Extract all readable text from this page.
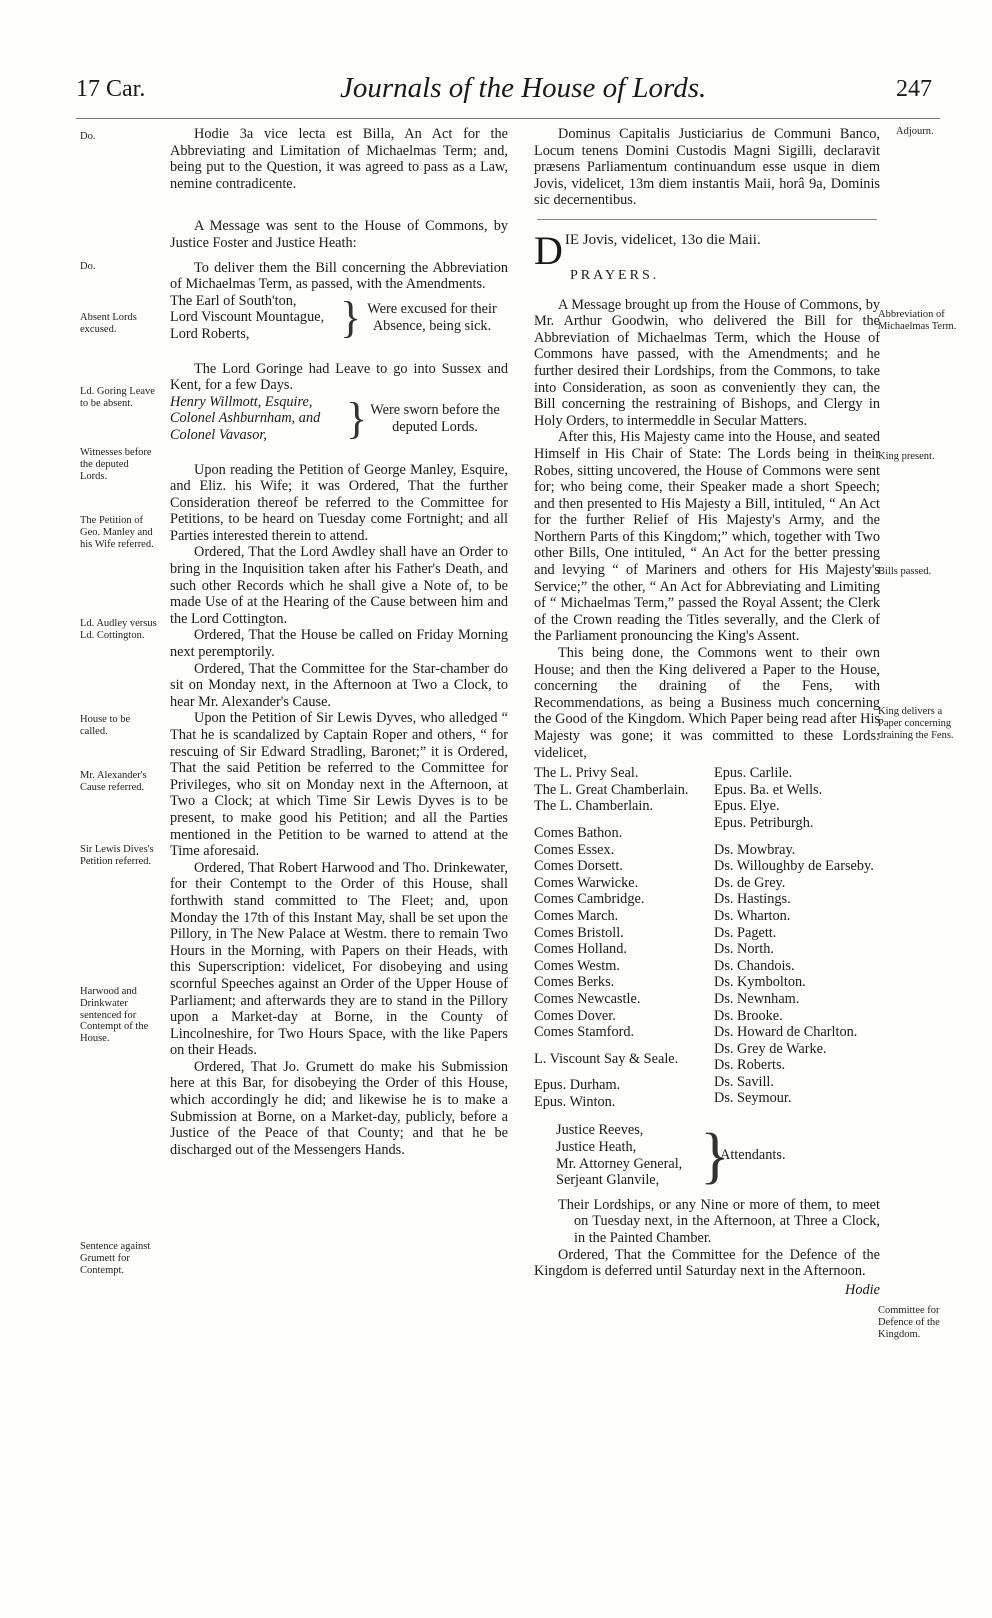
17 Car.	Journals of the House of Lords.	247
Do.
Do.
Absent Lords excused.
Ld. Goring Leave to be absent.
Witnesses before the deputed Lords.
The Petition of Geo. Manley and his Wife referred.
Ld. Audley versus Ld. Cottington.
House to be called.
Mr. Alexander's Cause referred.
Sir Lewis Dives's Petition referred.
Harwood and Drinkwater sentenced for Contempt of the House.
Sentence against Grumett for Contempt.

Hodie 3a vice lecta est Billa, An Act for the Abbreviating and Limitation of Michaelmas Term; and, being put to the Question, it was agreed to pass as a Law, nemine contradicente.

A Message was sent to the House of Commons, by Justice Foster and Justice Heath:

To deliver them the Bill concerning the Abbreviation of Michaelmas Term, as passed, with the Amendments.

The Earl of South'ton,
Lord Viscount Mountague,
Lord Roberts,	} Were excused for their Absence, being sick.

The Lord Goringe had Leave to go into Sussex and Kent, for a few Days.

Henry Willmott, Esquire,
Colonel Ashburnham, and
Colonel Vavasor,	} Were sworn before the deputed Lords.

Upon reading the Petition of George Manley, Esquire, and Eliz. his Wife; it was Ordered, That the further Consideration thereof be referred to the Committee for Petitions, to be heard on Tuesday come Fortnight; and all Parties interested therein to attend.

Ordered, That the Lord Awdley shall have an Order to bring in the Inquisition taken after his Father's Death, and such other Records which he shall give a Note of, to be made Use of at the Hearing of the Cause between him and the Lord Cottington.

Ordered, That the House be called on Friday Morning next peremptorily.

Ordered, That the Committee for the Star-chamber do sit on Monday next, in the Afternoon at Two a Clock, to hear Mr. Alexander's Cause.

Upon the Petition of Sir Lewis Dyves, who alledged “ That he is scandalized by Captain Roper and others, “ for rescuing of Sir Edward Stradling, Baronet;” it is Ordered, That the said Petition be referred to the Committee for Privileges, who sit on Monday next in the Afternoon, at Two a Clock; at which Time Sir Lewis Dyves is to be present, to make good his Petition; and all the Parties mentioned in the Petition to be warned to attend at the Time aforesaid.

Ordered, That Robert Harwood and Tho. Drinkewater, for their Contempt to the Order of this House, shall forthwith stand committed to The Fleet; and, upon Monday the 17th of this Instant May, shall be set upon the Pillory, in The New Palace at Westm. there to remain Two Hours in the Morning, with Papers on their Heads, with this Superscription: videlicet, For disobeying and using scornful Speeches against an Order of the Upper House of Parliament; and afterwards they are to stand in the Pillory upon a Market-day at Borne, in the County of Lincolneshire, for Two Hours Space, with the like Papers on their Heads.

Ordered, That Jo. Grumett do make his Submission here at this Bar, for disobeying the Order of this House, which accordingly he did; and likewise he is to make a Submission at Borne, on a Market-day, publicly, before a Justice of the Peace of that County; and that he be discharged out of the Messengers Hands.

Adjourn.
Abbreviation of Michaelmas Term.
King present.
Bills passed.
King delivers a Paper concerning draining the Fens.
Committee for Defence of the Kingdom.

Dominus Capitalis Justiciarius de Communi Banco, Locum tenens Domini Custodis Magni Sigilli, declaravit præsens Parliamentum continuandum esse usque in diem Jovis, videlicet, 13m diem instantis Maii, horâ 9a, Dominis sic decernentibus.

D IE Jovis, videlicet, 13o die Maii.
PRAYERS.

A Message brought up from the House of Commons, by Mr. Arthur Goodwin, who delivered the Bill for the Abbreviation of Michaelmas Term, which the House of Commons have passed, with the Amendments; and he further desired their Lordships, from the Commons, to take into Consideration, as soon as conveniently they can, the Bill concerning the restraining of Bishops, and Clergy in Holy Orders, to intermeddle in Secular Matters.

After this, His Majesty came into the House, and seated Himself in His Chair of State: The Lords being in their Robes, sitting uncovered, the House of Commons were sent for; who being come, their Speaker made a short Speech; and then presented to His Majesty a Bill, intituled, “ An Act for the further Relief of His Majesty's Army, and the Northern Parts of this Kingdom;” which, together with Two other Bills, One intituled, “ An Act for the better pressing and levying “ of Mariners and others for His Majesty's Service;” the other, “ An Act for Abbreviating and Limiting of “ Michaelmas Term,” passed the Royal Assent; the Clerk of the Crown reading the Titles severally, and the Clerk of the Parliament pronouncing the King's Assent.

This being done, the Commons went to their own House; and then the King delivered a Paper to the House, concerning the draining of the Fens, with Recommendations, as being a Business much concerning the Good of the Kingdom. Which Paper being read after His Majesty was gone; it was committed to these Lords: videlicet,

The L. Privy Seal.
The L. Great Chamberlain.
The L. Chamberlain.
Comes Bathon.
Comes Essex.
Comes Dorsett.
Comes Warwicke.
Comes Cambridge.
Comes March.
Comes Bristoll.
Comes Holland.
Comes Westm.
Comes Berks.
Comes Newcastle.
Comes Dover.
Comes Stamford.
L. Viscount Say & Seale.
Epus. Durham.
Epus. Winton.
Epus. Carlile.
Epus. Ba. et Wells.
Epus. Elye.
Epus. Petriburgh.
Ds. Mowbray.
Ds. Willoughby de Earseby.
Ds. de Grey.
Ds. Hastings.
Ds. Wharton.
Ds. Pagett.
Ds. North.
Ds. Chandois.
Ds. Kymbolton.
Ds. Newnham.
Ds. Brooke.
Ds. Howard de Charlton.
Ds. Grey de Warke.
Ds. Roberts.
Ds. Savill.
Ds. Seymour.
Justice Reeves,
Justice Heath,
Mr. Attorney General,
Serjeant Glanvile, }
Attendants.

Their Lordships, or any Nine or more of them, to meet on Tuesday next, in the Afternoon, at Three a Clock, in the Painted Chamber.

Ordered, That the Committee for the Defence of the Kingdom is deferred until Saturday next in the Afternoon.

Hodie
